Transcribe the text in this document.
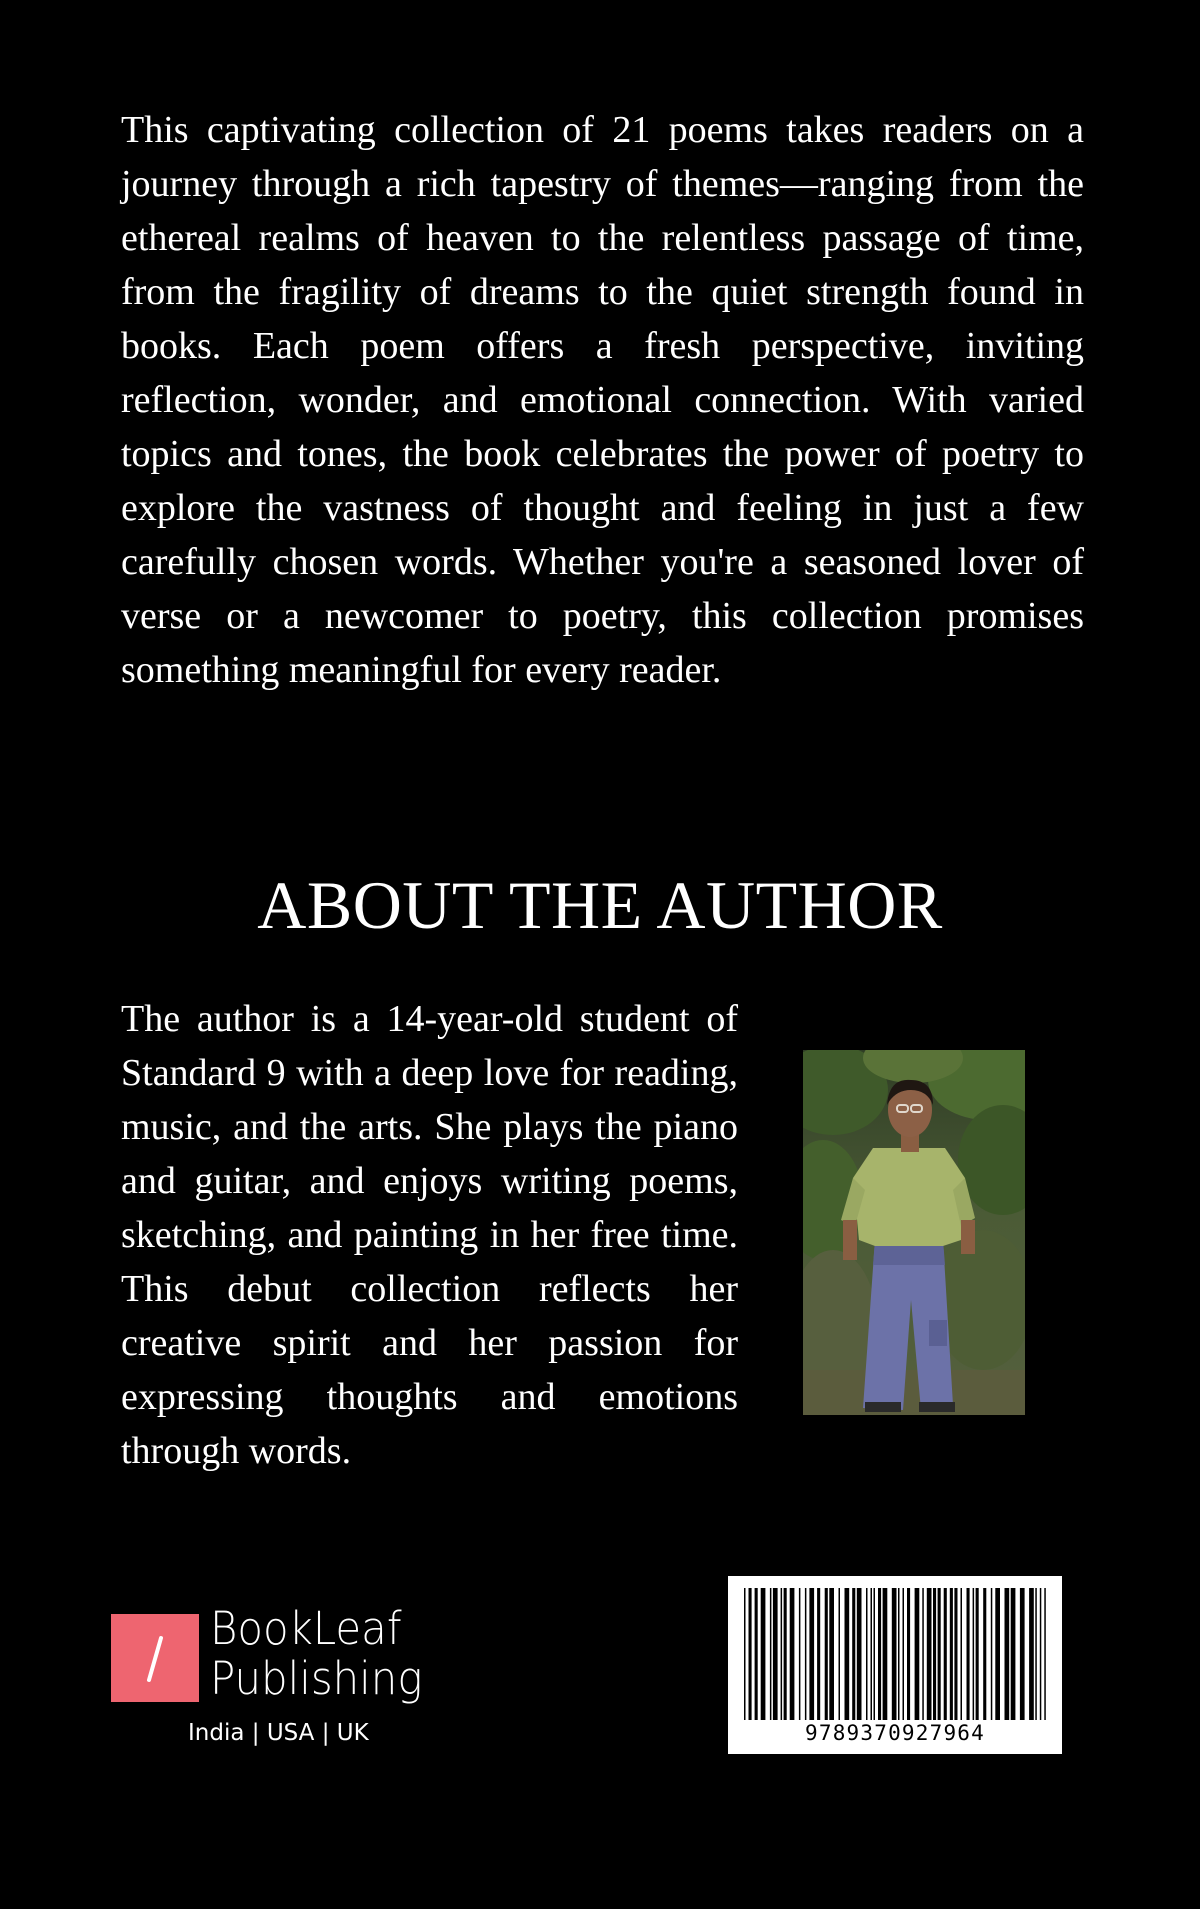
This captivating collection of 21 poems takes readers on a journey through a rich tapestry of themes—ranging from the ethereal realms of heaven to the relentless passage of time, from the fragility of dreams to the quiet strength found in books. Each poem offers a fresh perspective, inviting reflection, wonder, and emotional connection. With varied topics and tones, the book celebrates the power of poetry to explore the vastness of thought and feeling in just a few carefully chosen words. Whether you're a seasoned lover of verse or a newcomer to poetry, this collection promises something meaningful for every reader.

ABOUT THE AUTHOR

The author is a 14-year-old student of Standard 9 with a deep love for reading, music, and the arts. She plays the piano and guitar, and enjoys writing poems, sketching, and painting in her free time. This debut collection reflects her creative spirit and her passion for expressing thoughts and emotions through words.

BookLeaf
Publishing
India | USA | UK	9789370927964
